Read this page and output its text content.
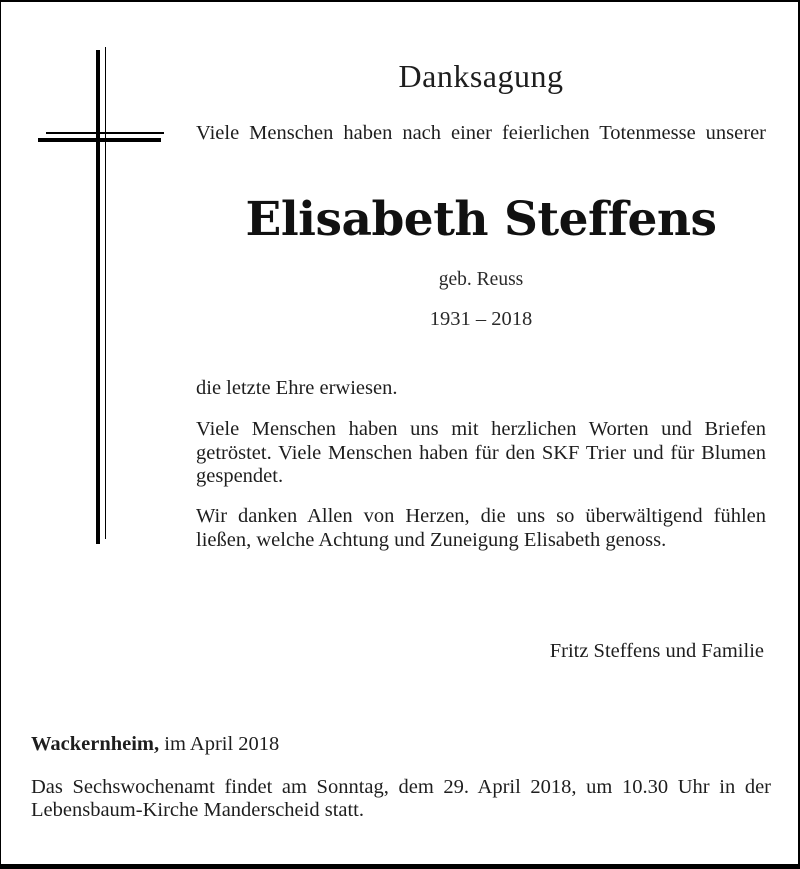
Danksagung
Viele Menschen haben nach einer feierlichen Totenmesse unserer
Elisabeth Steffens
geb. Reuss
1931 – 2018
die letzte Ehre erwiesen.
Viele Menschen haben uns mit herzlichen Worten und Briefen
getröstet. Viele Menschen haben für den SKF Trier und für Blumen
gespendet.
Wir danken Allen von Herzen, die uns so überwältigend fühlen
ließen, welche Achtung und Zuneigung Elisabeth genoss.
Fritz Steffens und Familie
Wackernheim, im April 2018
Das Sechswochenamt findet am Sonntag, dem 29. April 2018, um 10.30 Uhr in der
Lebensbaum-Kirche Manderscheid statt.
